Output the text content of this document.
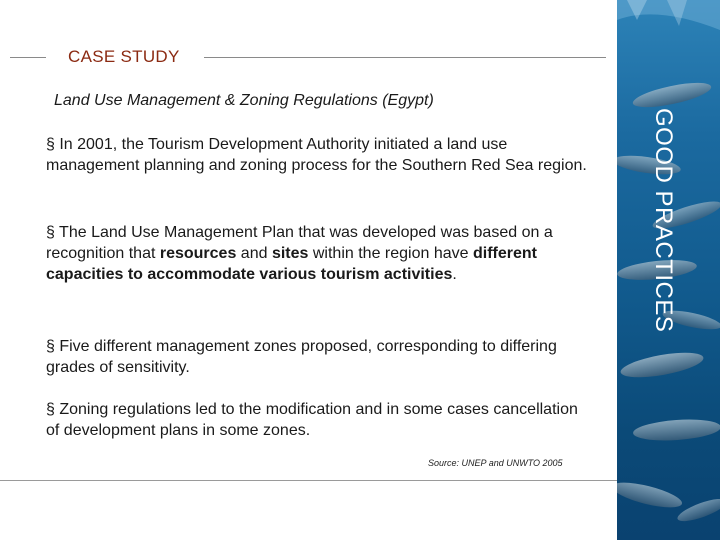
CASE STUDY
Land Use Management & Zoning Regulations (Egypt)

§ In 2001, the Tourism Development Authority initiated a land use management planning and zoning process for the Southern Red Sea region.

§ The Land Use Management Plan that was developed was based on a recognition that resources and sites within the region have different capacities to accommodate various tourism activities.

§ Five different management zones proposed, corresponding to differing grades of sensitivity.

§ Zoning regulations led to the modification and in some cases cancellation of development plans in some zones.

Source: UNEP and UNWTO 2005
GOOD PRACTICES
